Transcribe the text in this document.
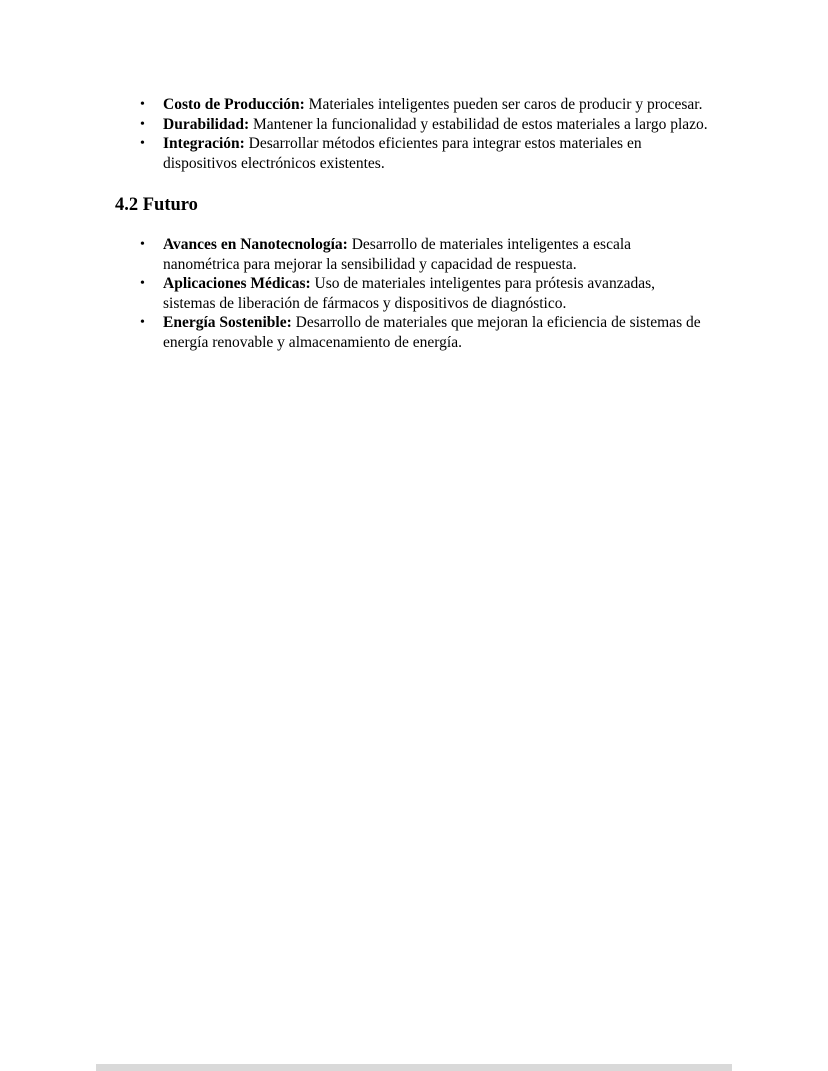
•	Costo de Producción: Materiales inteligentes pueden ser caros de producir y procesar.
•	Durabilidad: Mantener la funcionalidad y estabilidad de estos materiales a largo plazo.
•	Integración: Desarrollar métodos eficientes para integrar estos materiales en dispositivos electrónicos existentes.
4.2 Futuro
•	Avances en Nanotecnología: Desarrollo de materiales inteligentes a escala nanométrica para mejorar la sensibilidad y capacidad de respuesta.
•	Aplicaciones Médicas: Uso de materiales inteligentes para prótesis avanzadas, sistemas de liberación de fármacos y dispositivos de diagnóstico.
•	Energía Sostenible: Desarrollo de materiales que mejoran la eficiencia de sistemas de energía renovable y almacenamiento de energía.
